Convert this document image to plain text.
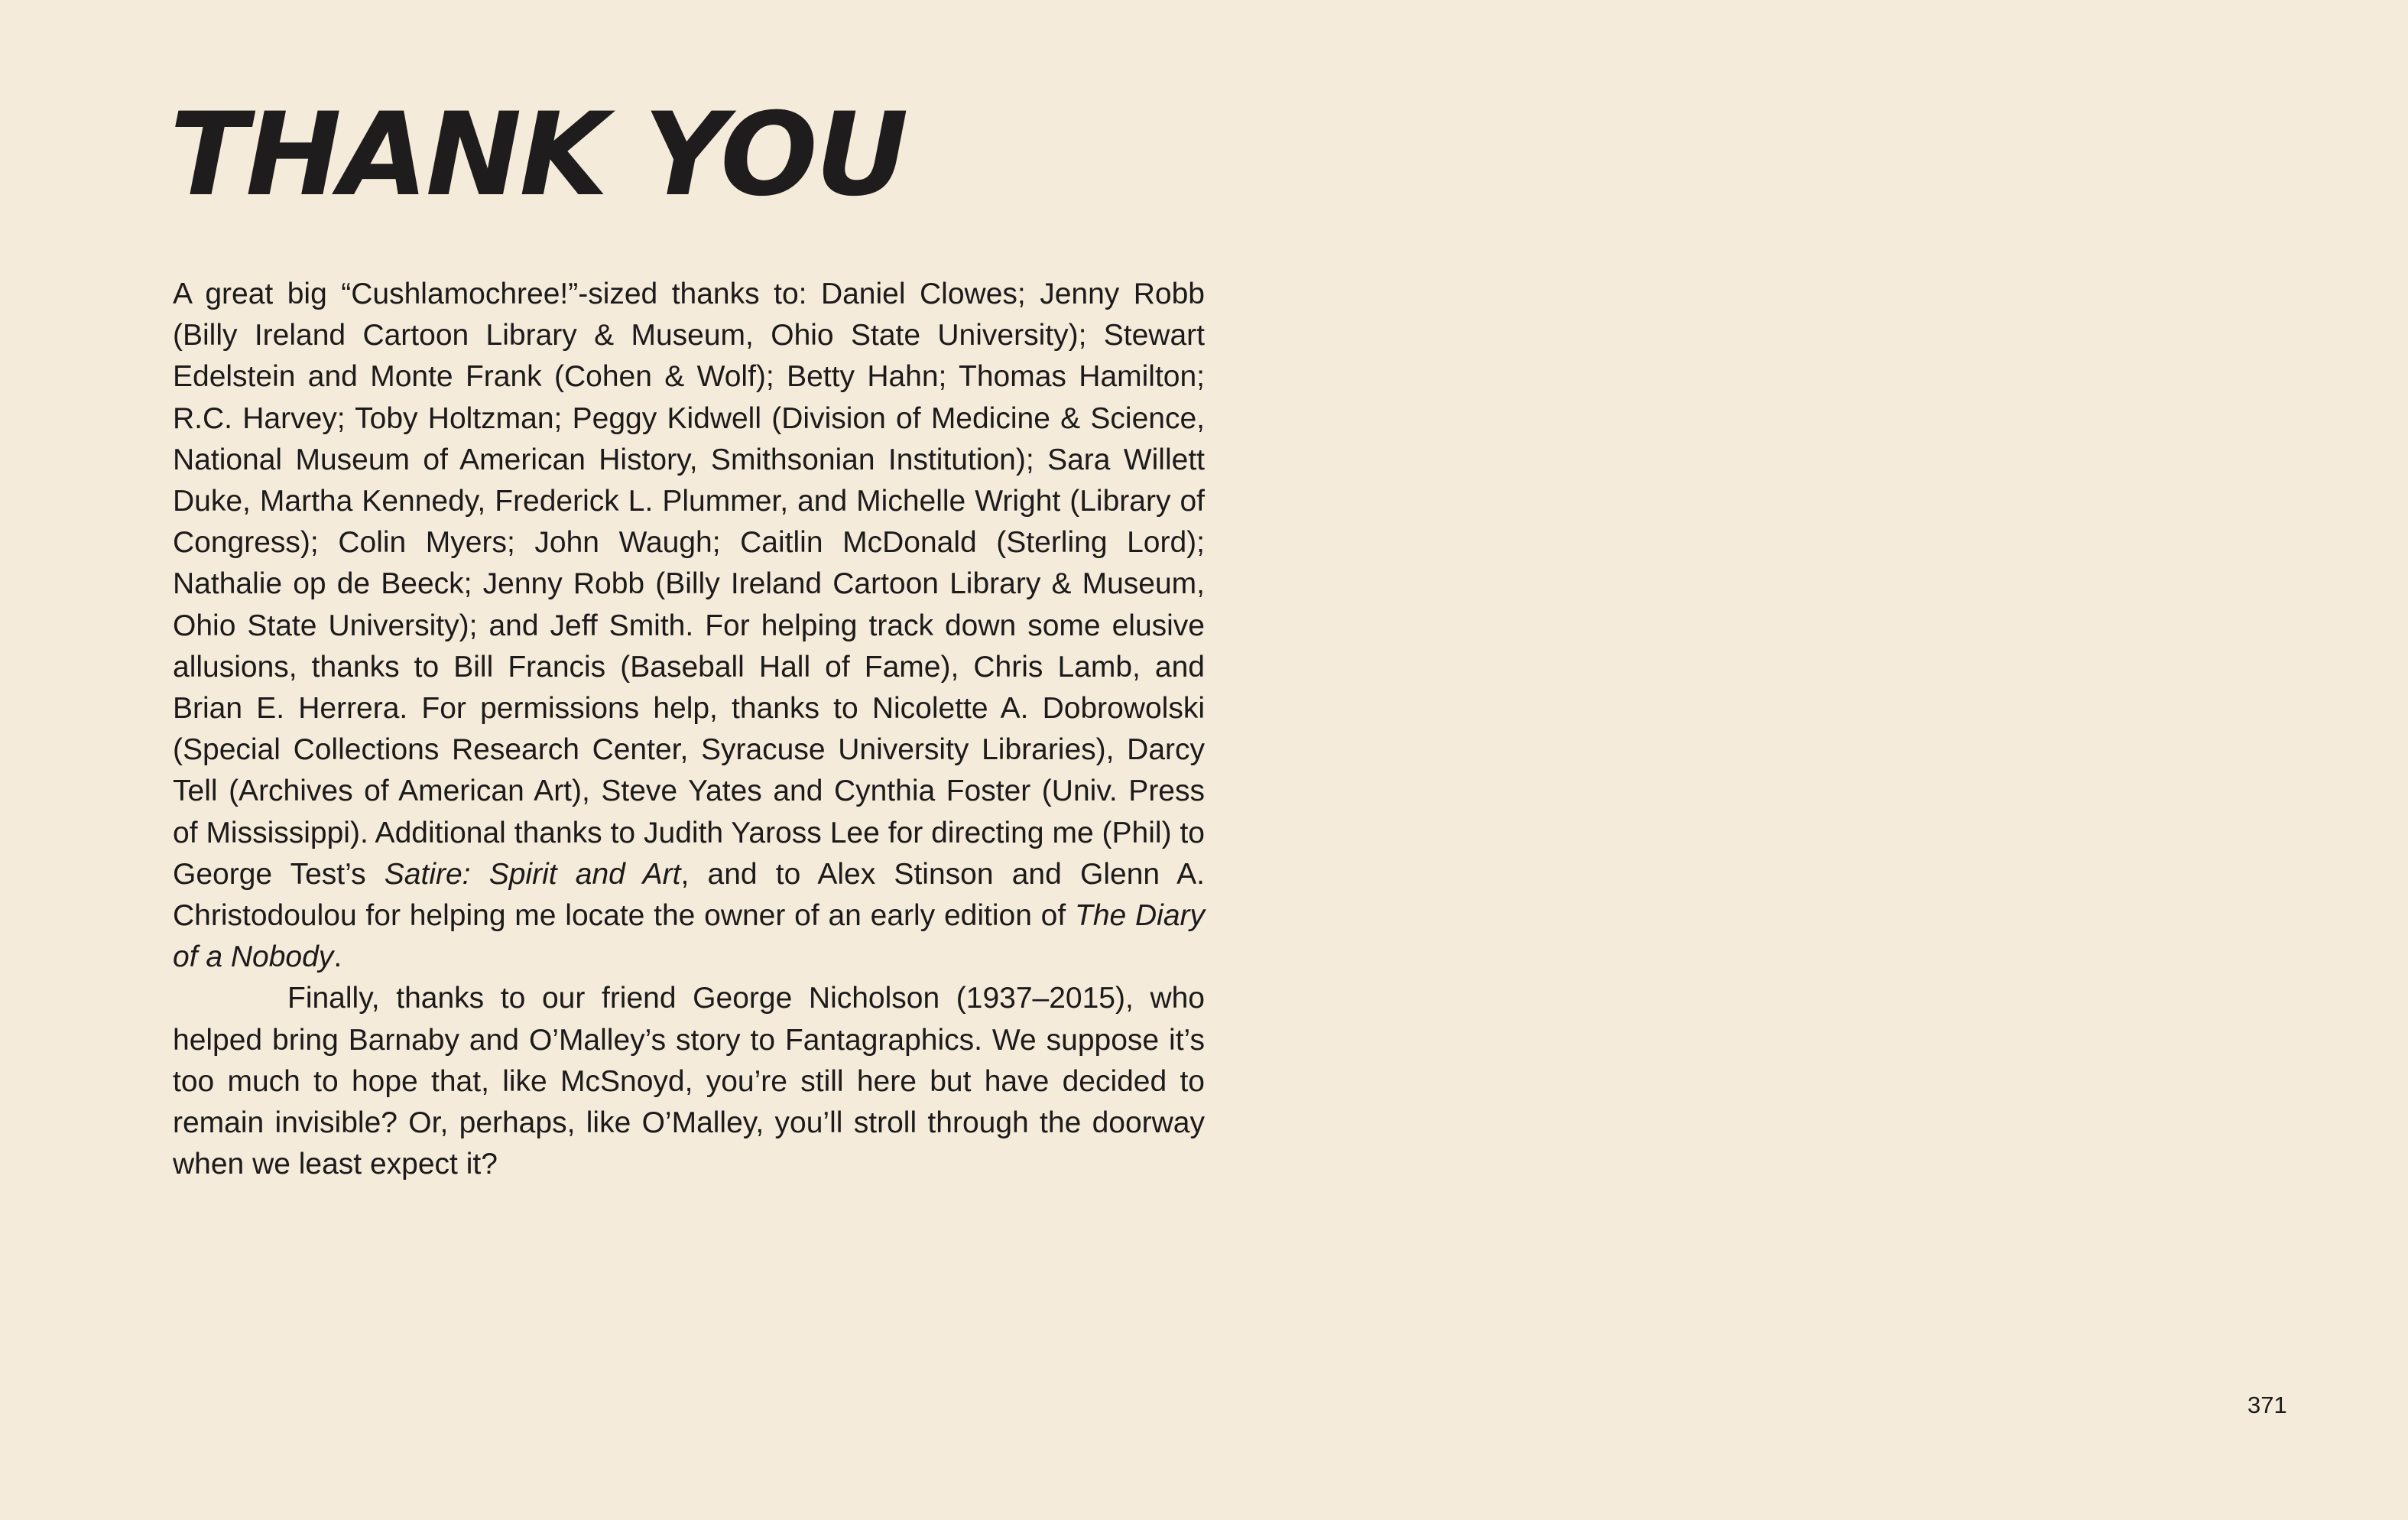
THANK YOU

A great big “Cushlamochree!”-sized thanks to: Daniel Clowes; Jenny Robb (Billy Ireland Cartoon Library & Museum, Ohio State University); Stewart Edelstein and Monte Frank (Cohen & Wolf); Betty Hahn; Thomas Hamilton; R.C. Harvey; Toby Holtzman; Peggy Kidwell (Division of Medicine & Science, National Museum of American History, Smithsonian Institution); Sara Willett Duke, Martha Kennedy, Frederick L. Plummer, and Michelle Wright (Library of Congress); Colin Myers; John Waugh; Caitlin McDonald (Sterling Lord); Nathalie op de Beeck; Jenny Robb (Billy Ireland Cartoon Library & Museum, Ohio State University); and Jeff Smith. For helping track down some elusive allusions, thanks to Bill Francis (Baseball Hall of Fame), Chris Lamb, and Brian E. Herrera. For permissions help, thanks to Nicolette A. Dobrowolski (Special Collections Research Center, Syracuse University Libraries), Darcy Tell (Archives of American Art), Steve Yates and Cynthia Foster (Univ. Press of Mississippi). Additional thanks to Judith Yaross Lee for directing me (Phil) to George Test’s Satire: Spirit and Art, and to Alex Stinson and Glenn A. Christodoulou for helping me locate the owner of an early edition of The Diary of a Nobody.

Finally, thanks to our friend George Nicholson (1937–2015), who helped bring Barnaby and O’Malley’s story to Fantagraphics. We suppose it’s too much to hope that, like McSnoyd, you’re still here but have decided to remain invisible? Or, perhaps, like O’Malley, you’ll stroll through the doorway when we least expect it?

371
